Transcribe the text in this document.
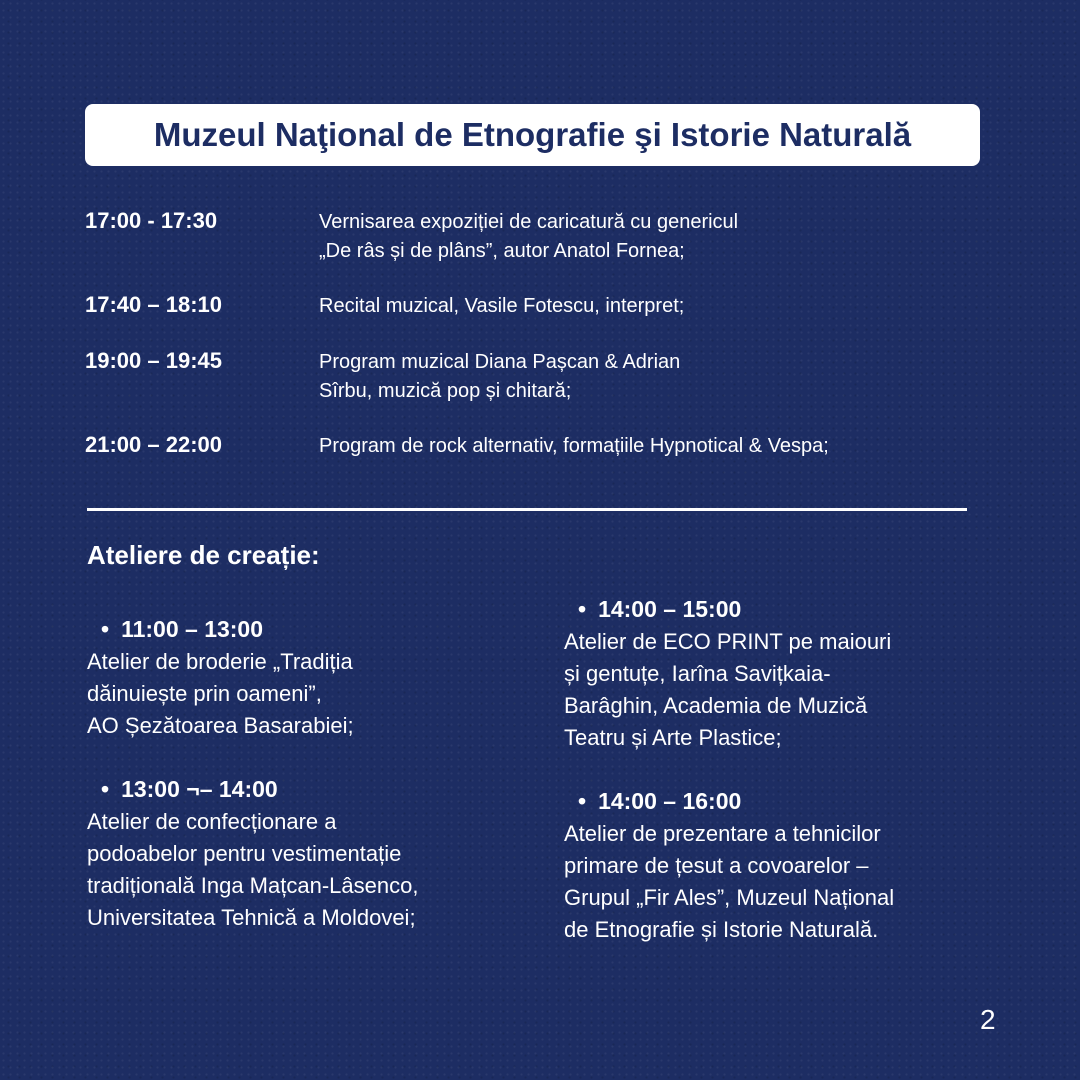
Muzeul Naţional de Etnografie şi Istorie Naturală
17:00 - 17:30	Vernisarea expoziției de caricatură cu genericul
„De râs și de plâns”, autor Anatol Fornea;
17:40 – 18:10	Recital muzical, Vasile Fotescu, interpret;
19:00 – 19:45	Program muzical Diana Pașcan & Adrian
Sîrbu, muzică pop și chitară;
21:00 – 22:00	Program de rock alternativ, formațiile Hypnotical & Vespa;
Ateliere de creație:
• 11:00 – 13:00
Atelier de broderie „Tradiția
dăinuiește prin oameni”,
AO Șezătoarea Basarabiei;
• 13:00 ¬– 14:00
Atelier de confecționare a
podoabelor pentru vestimentație
tradițională Inga Mațcan-Lâsenco,
Universitatea Tehnică a Moldovei;
• 14:00 – 15:00
Atelier de ECO PRINT pe maiouri
și gentuțe, Iarîna Savițkaia-
Barâghin, Academia de Muzică
Teatru și Arte Plastice;
• 14:00 – 16:00
Atelier de prezentare a tehnicilor
primare de țesut a covoarelor –
Grupul „Fir Ales”, Muzeul Național
de Etnografie și Istorie Naturală.
2
